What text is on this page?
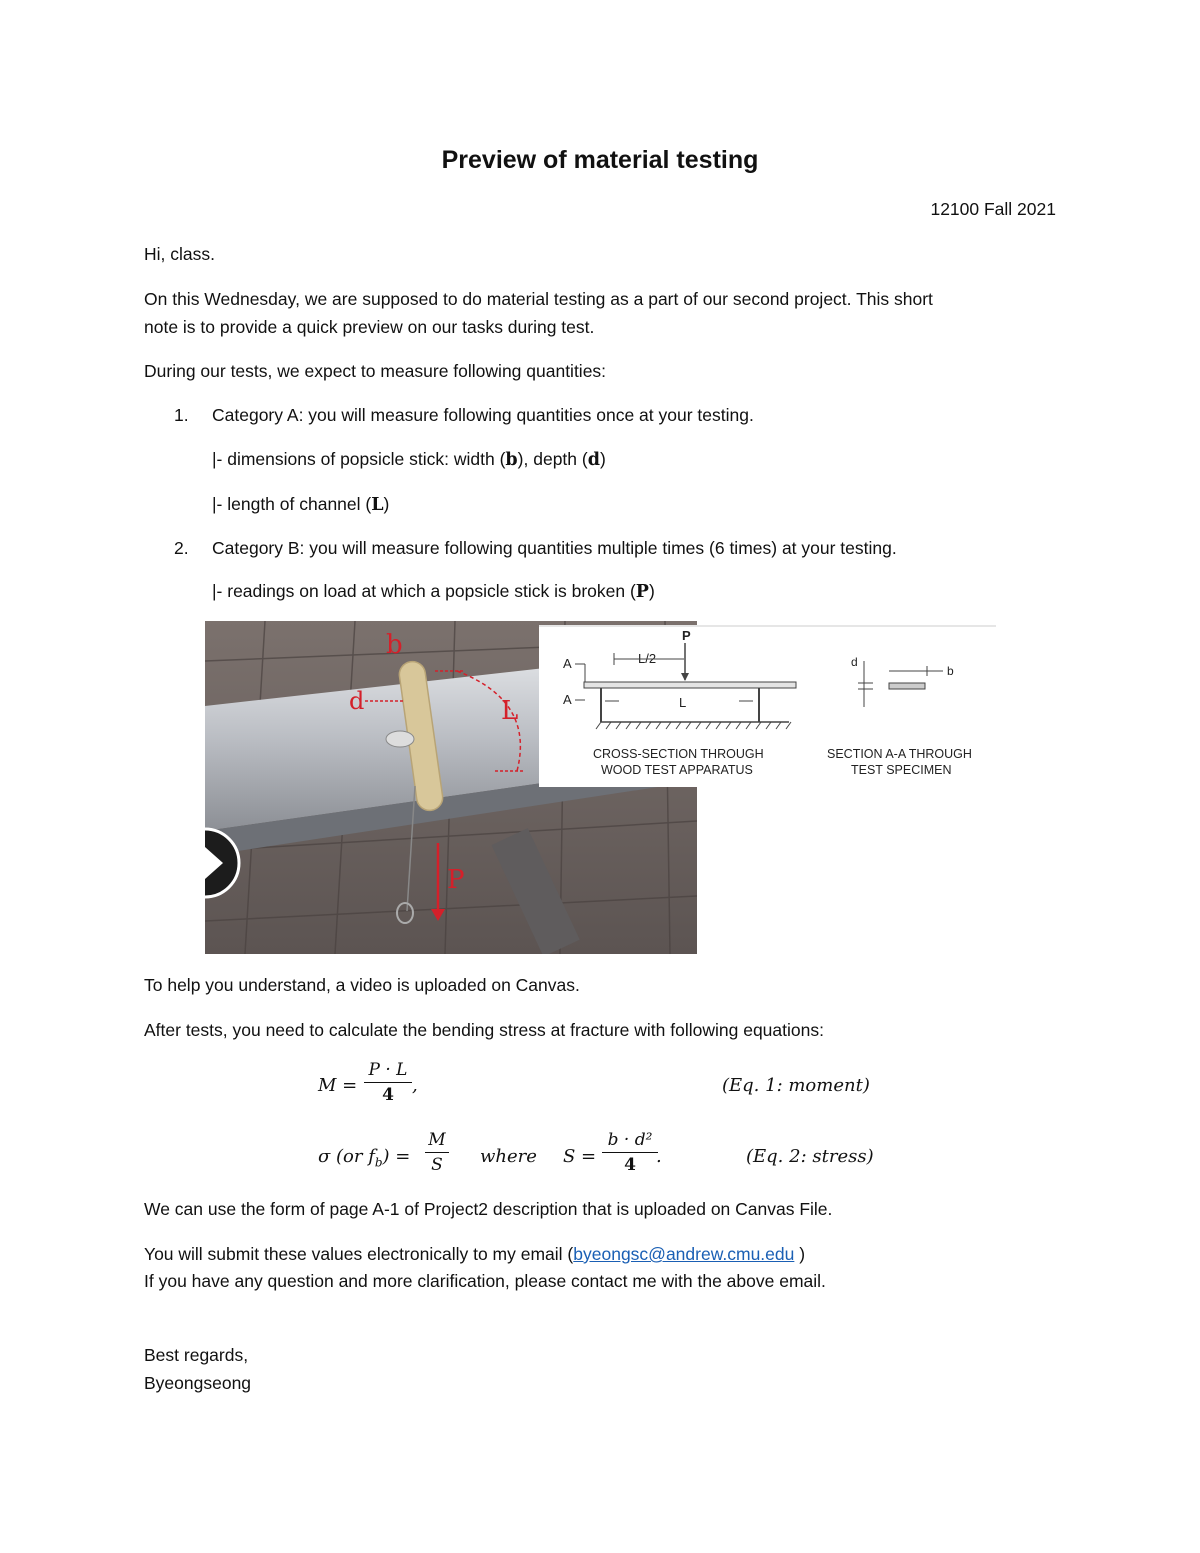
Preview of material testing
12100 Fall 2021
Hi, class.
On this Wednesday, we are supposed to do material testing as a part of our second project. This short
note is to provide a quick preview on our tasks during test.
During our tests, we expect to measure following quantities:
1. Category A: you will measure following quantities once at your testing.
|- dimensions of popsicle stick: width (b), depth (d)
|- length of channel (L)
2. Category B: you will measure following quantities multiple times (6 times) at your testing.
|- readings on load at which a popsicle stick is broken (P)
b
d	L
P
P
L/2
A
A	L
CROSS-SECTION THROUGH
WOOD TEST APPARATUS
SECTION A-A THROUGH
TEST SPECIMEN
d
b
To help you understand, a video is uploaded on Canvas.
After tests, you need to calculate the bending stress at fracture with following equations:
M =
P · L
4	,	(Eq. 1: moment)
σ (or $f_b$) =
M
S	where S =
b · d²
4	.	(Eq. 2: stress)
We can use the form of page A-1 of Project2 description that is uploaded on Canvas File.
You will submit these values electronically to my email (byeongsc@andrew.cmu.edu )
If you have any question and more clarification, please contact me with the above email.
Best regards,
Byeongseong
